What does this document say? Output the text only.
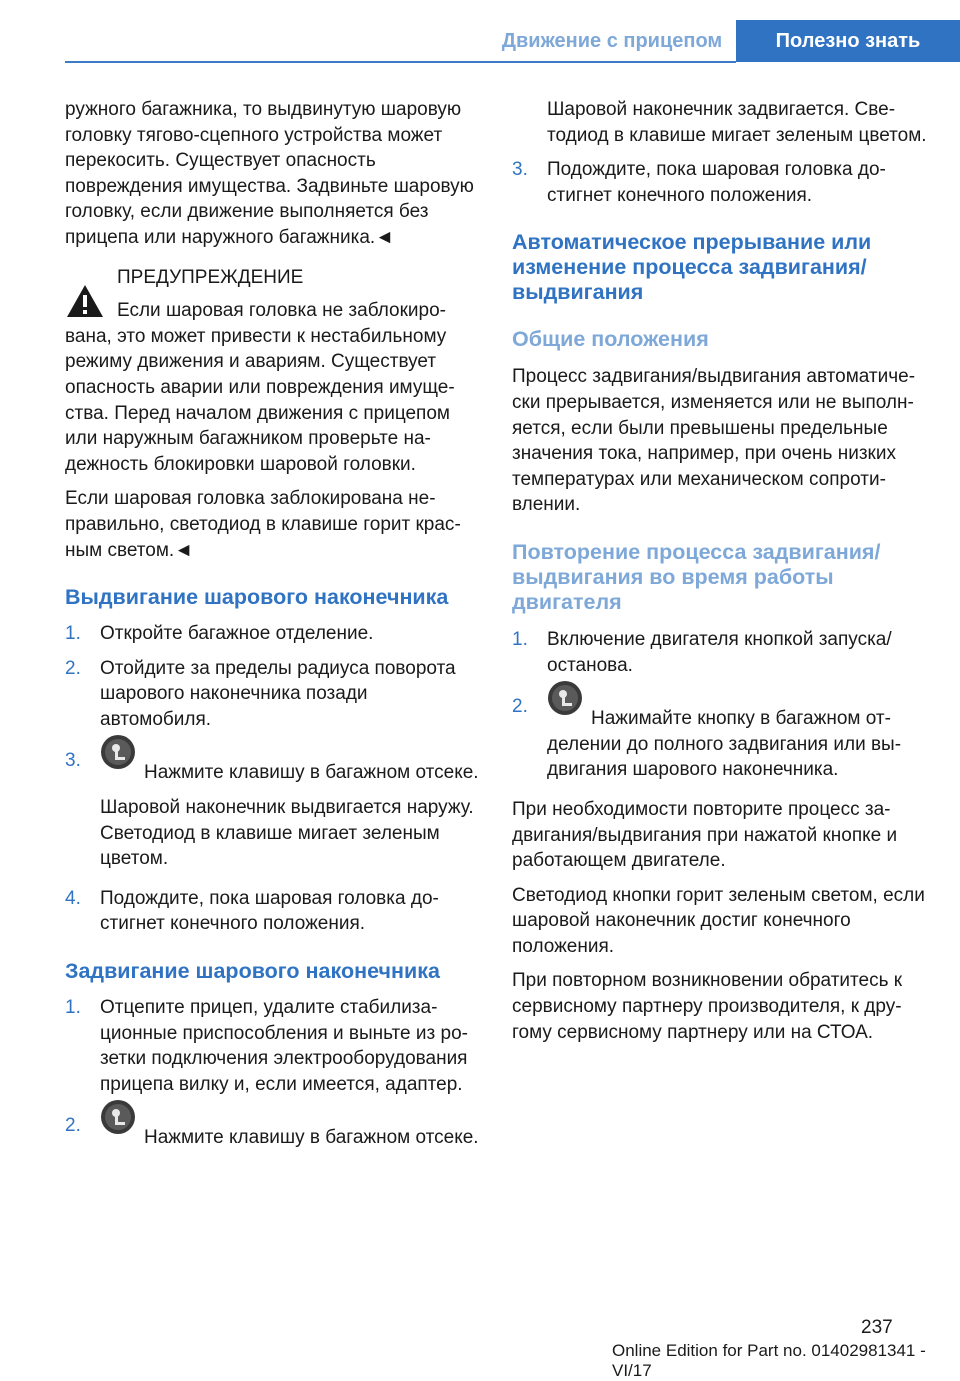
Движение с прицепом	Полезно знать

ружного багажника, то выдвинутую шаровую головку тягово-сцепного устройства может перекосить. Существует опасность повреждения имущества. Задвиньте шаровую головку, если движение выполняется без прицепа или наружного багажника.◄

ПРЕДУПРЕЖДЕНИЕ

Если шаровая головка не заблокирована, это может привести к нестабильному режиму движения и авариям. Существует опасность аварии или повреждения имущества. Перед началом движения с прицепом или наружным багажником проверьте надежность блокировки шаровой головки.

Если шаровая головка заблокирована неправильно, светодиод в клавише горит красным светом.◄

Выдвигание шарового наконечника
1. Откройте багажное отделение.
2. Отойдите за пределы радиуса поворота шарового наконечника позади автомобиля.
3.
Нажмите клавишу в багажном отсеке.
Шаровой наконечник выдвигается наружу. Светодиод в клавише мигает зеленым цветом.
4. Подождите, пока шаровая головка достигнет конечного положения.
Задвигание шарового наконечника
1. Отцепите прицеп, удалите стабилизационные приспособления и выньте из розетки подключения электрооборудования прицепа вилку и, если имеется, адаптер.
2.
Нажмите клавишу в багажном отсеке.
Шаровой наконечник задвигается. Светодиод в клавише мигает зеленым цветом.
3. Подождите, пока шаровая головка достигнет конечного положения.
Автоматическое прерывание или изменение процесса задвигания/ выдвигания
Общие положения

Процесс задвигания/выдвигания автоматически прерывается, изменяется или не выполняется, если были превышены предельные значения тока, например, при очень низких температурах или механическом сопротивлении.

Повторение процесса задвигания/ выдвигания во время работы двигателя
1. Включение двигателя кнопкой запуска/ останова.
2.
Нажимайте кнопку в багажном отделении до полного задвигания или выдвигания шарового наконечника.

При необходимости повторите процесс задвигания/выдвигания при нажатой кнопке и работающем двигателе.

Светодиод кнопки горит зеленым светом, если шаровой наконечник достиг конечного положения.

При повторном возникновении обратитесь к сервисному партнеру производителя, к другому сервисному партнеру или на СТОА.

237
Online Edition for Part no. 01402981341 - VI/17
